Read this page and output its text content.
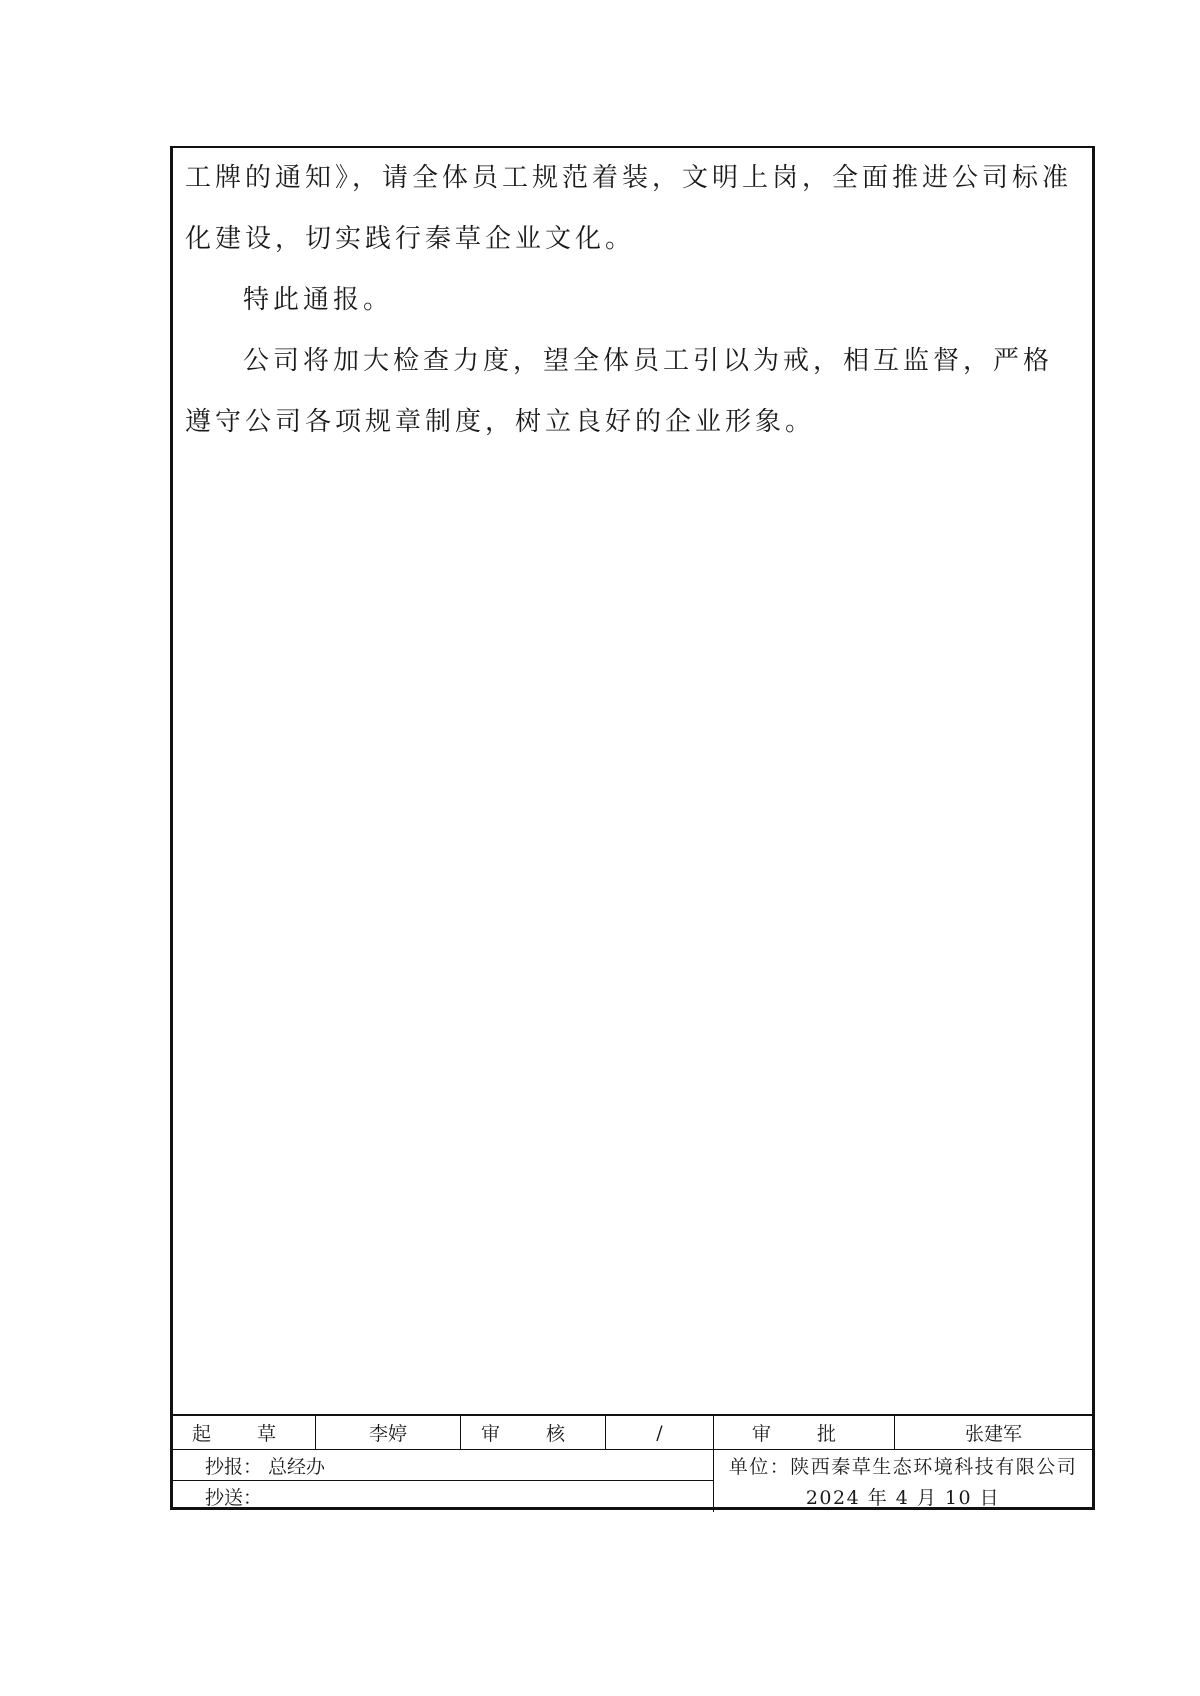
工牌的通知》，请全体员工规范着装，文明上岗，全面推进公司标准化建设，切实践行秦草企业文化。

特此通报。

公司将加大检查力度，望全体员工引以为戒，相互监督，严格遵守公司各项规章制度，树立良好的企业形象。

起 草	李婷	审 核	/	审 批	张建军
抄报： 总经办
抄送：
单位：陕西秦草生态环境科技有限公司
2024 年 4 月 10 日
